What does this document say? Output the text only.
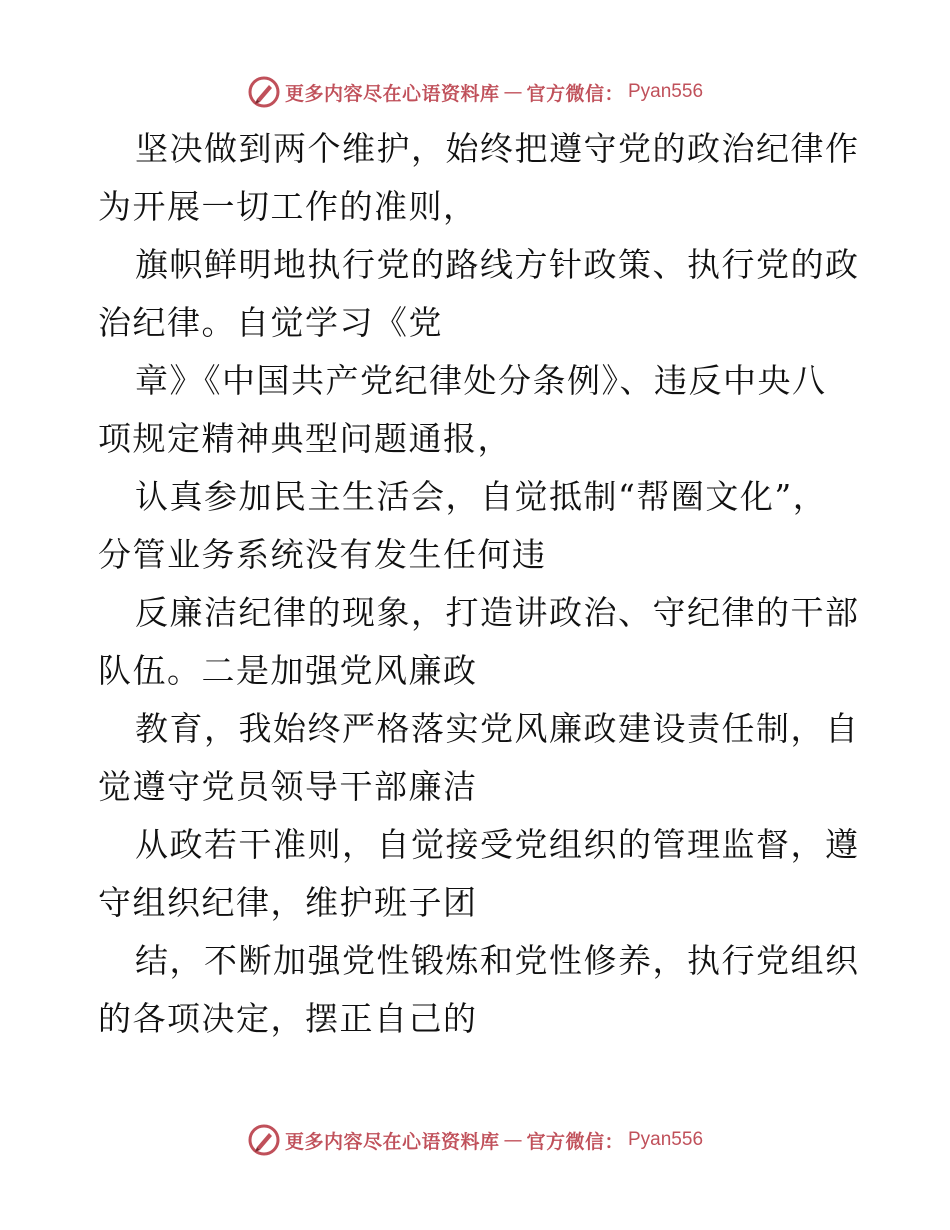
更多内容尽在心语资料库 — 官方微信： Pyan556
坚决做到两个维护，始终把遵守党的政治纪律作
为开展一切工作的准则，
旗帜鲜明地执行党的路线方针政策、执行党的政
治纪律。自觉学习《党
章》《中国共产党纪律处分条例》、违反中央八
项规定精神典型问题通报，
认真参加民主生活会，自觉抵制“帮圈文化”，
分管业务系统没有发生任何违
反廉洁纪律的现象，打造讲政治、守纪律的干部
队伍。二是加强党风廉政
教育，我始终严格落实党风廉政建设责任制，自
觉遵守党员领导干部廉洁
从政若干准则，自觉接受党组织的管理监督，遵
守组织纪律，维护班子团
结，不断加强党性锻炼和党性修养，执行党组织
的各项决定，摆正自己的
更多内容尽在心语资料库 — 官方微信： Pyan556
